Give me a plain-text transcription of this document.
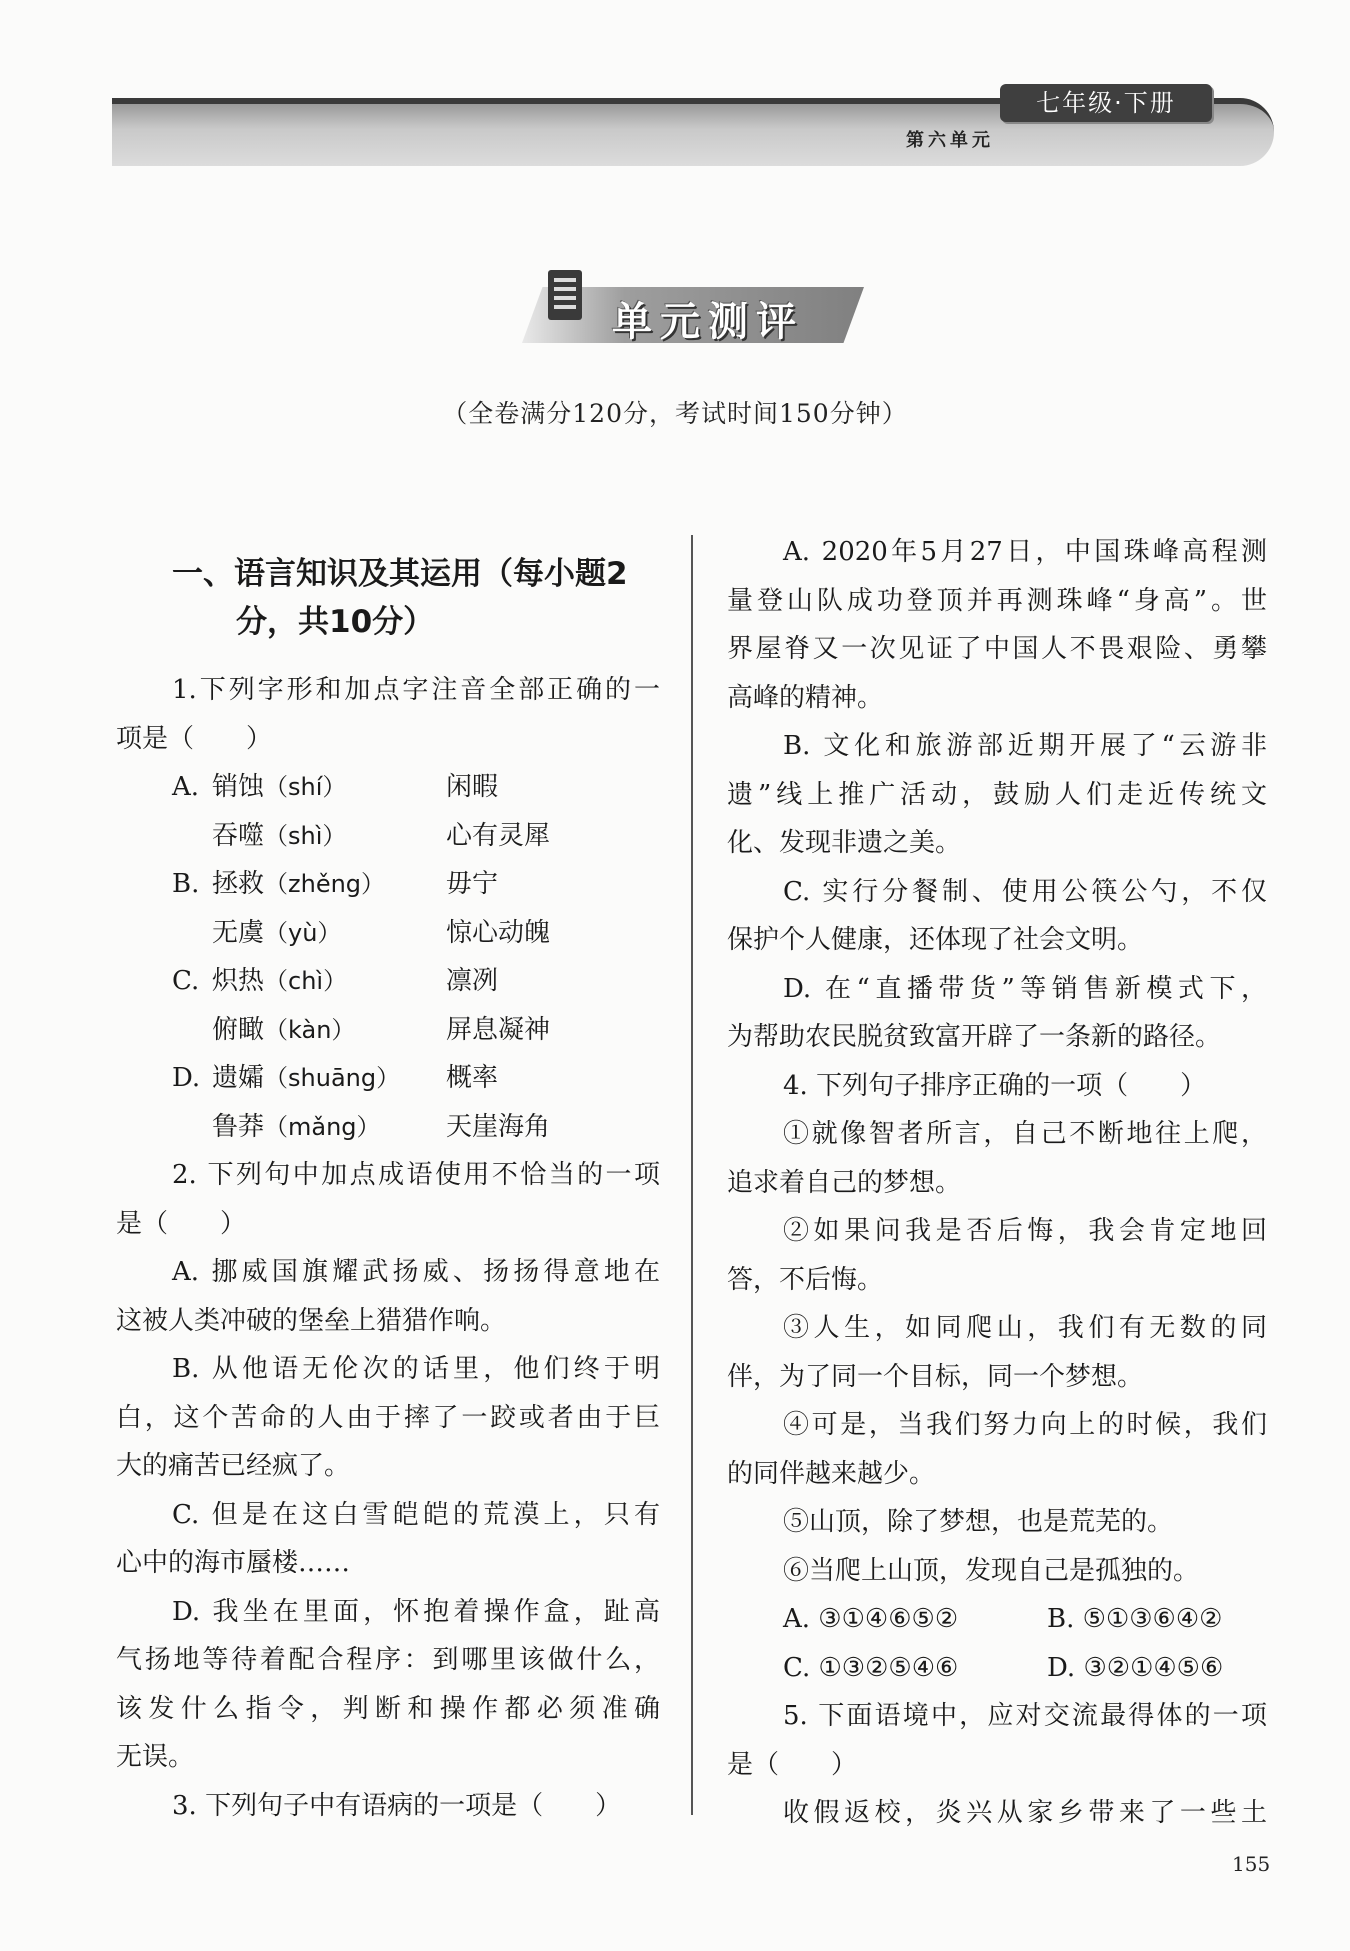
七年级·下册
第六单元
单元测评
（全卷满分120分，考试时间150分钟）
一、语言知识及其运用（每小题2
分，共10分）
1.下列字形和加点字注音全部正确的一
项是（　　）
A. 销蚀（shí）	闲暇
吞噬（shì）	心有灵犀
B. 拯救（zhěng） 毋宁
无虞（yù）	惊心动魄
C. 炽热（chì）	凛冽
俯瞰（kàn）	屏息凝神
D. 遗孀（shuāng） 概率
鲁莽（mǎng）	天崖海角
2. 下列句中加点成语使用不恰当的一项
是（　　）
A. 挪威国旗耀武扬威、扬扬得意地在
这被人类冲破的堡垒上猎猎作响。
B. 从他语无伦次的话里，他们终于明
白，这个苦命的人由于摔了一跤或者由于巨
大的痛苦已经疯了。
C. 但是在这白雪皑皑的荒漠上，只有
心中的海市蜃楼……
D. 我坐在里面，怀抱着操作盒，趾高
气扬地等待着配合程序：到哪里该做什么，
该发什么指令，判断和操作都必须准确
无误。
3. 下列句子中有语病的一项是（　　）
A. 2020年5月27日，中国珠峰高程测
量登山队成功登顶并再测珠峰“身高”。世
界屋脊又一次见证了中国人不畏艰险、勇攀
高峰的精神。
B. 文化和旅游部近期开展了“云游非
遗”线上推广活动，鼓励人们走近传统文
化、发现非遗之美。
C. 实行分餐制、使用公筷公勺，不仅
保护个人健康，还体现了社会文明。
D. 在“直播带货”等销售新模式下，
为帮助农民脱贫致富开辟了一条新的路径。
4. 下列句子排序正确的一项（　　）
①就像智者所言，自己不断地往上爬，
追求着自己的梦想。
②如果问我是否后悔，我会肯定地回
答，不后悔。
③人生，如同爬山，我们有无数的同
伴，为了同一个目标，同一个梦想。
④可是，当我们努力向上的时候，我们
的同伴越来越少。
⑤山顶，除了梦想，也是荒芜的。
⑥当爬上山顶，发现自己是孤独的。
A. ③①④⑥⑤②	B. ⑤①③⑥④②
C. ①③②⑤④⑥	D. ③②①④⑤⑥
5. 下面语境中，应对交流最得体的一项
是（　　）
收假返校，炎兴从家乡带来了一些土
155
